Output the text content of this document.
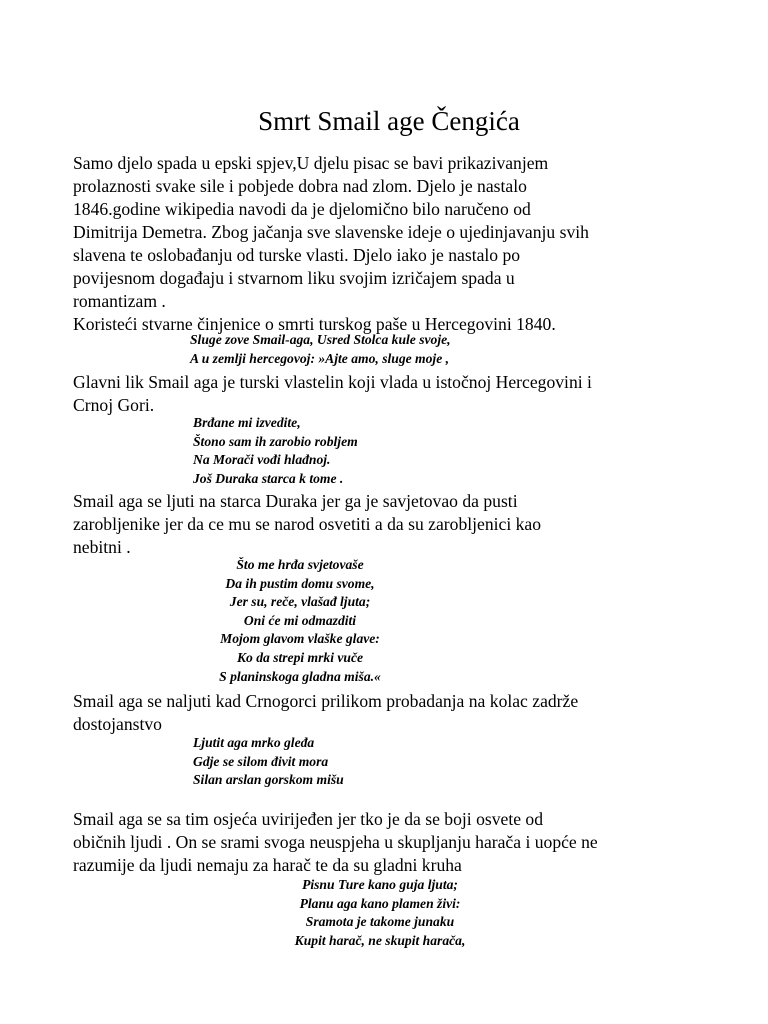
Smrt Smail age Čengića
Samo djelo spada u epski spjev,U djelu pisac se bavi prikazivanjem
prolaznosti svake sile i pobjede dobra nad zlom. Djelo je nastalo
1846.godine wikipedia navodi da je djelomično bilo naručeno od
Dimitrija Demetra. Zbog jačanja sve slavenske ideje o ujedinjavanju svih
slavena te oslobađanju od turske vlasti. Djelo iako je nastalo po
povijesnom događaju i stvarnom liku svojim izričajem spada u
romantizam .
Koristeći stvarne činjenice o smrti turskog paše u Hercegovini 1840.
Sluge zove Smail-aga, Usred Stolca kule svoje,
A u zemlji hercegovoj: »Ajte amo, sluge moje ,
Glavni lik Smail aga je turski vlastelin koji vlada u istočnoj Hercegovini i
Crnoj Gori.
Brđane mi izvedite,
Štono sam ih zarobio robljem
Na Morači vođi hlađnoj.
Još Duraka starca k tome .
Smail aga se ljuti na starca Duraka jer ga je savjetovao da pusti
zarobljenike jer da ce mu se narod osvetiti a da su zarobljenici kao
nebitni .
Što me hrđa svjetovaše
Da ih pustim domu svome,
Jer su, reče, vlašađ ljuta;
Oni će mi odmazditi
Mojom glavom vlaške glave:
Ko da strepi mrki vuče
S planinskoga gladna miša.«
Smail aga se naljuti kad Crnogorci prilikom probadanja na kolac zadrže
dostojanstvo
Ljutit aga mrko gleđa
Gdje se silom đivit mora
Silan arslan gorskom mišu
Smail aga se sa tim osjeća uvirijeđen jer tko je da se boji osvete od
običnih ljudi . On se srami svoga neuspjeha u skupljanju harača i uopće ne
razumije da ljudi nemaju za harač te da su gladni kruha
Pisnu Ture kano guja ljuta;
Planu aga kano plamen živi:
Sramota je takome junaku
Kupit harač, ne skupit harača,
